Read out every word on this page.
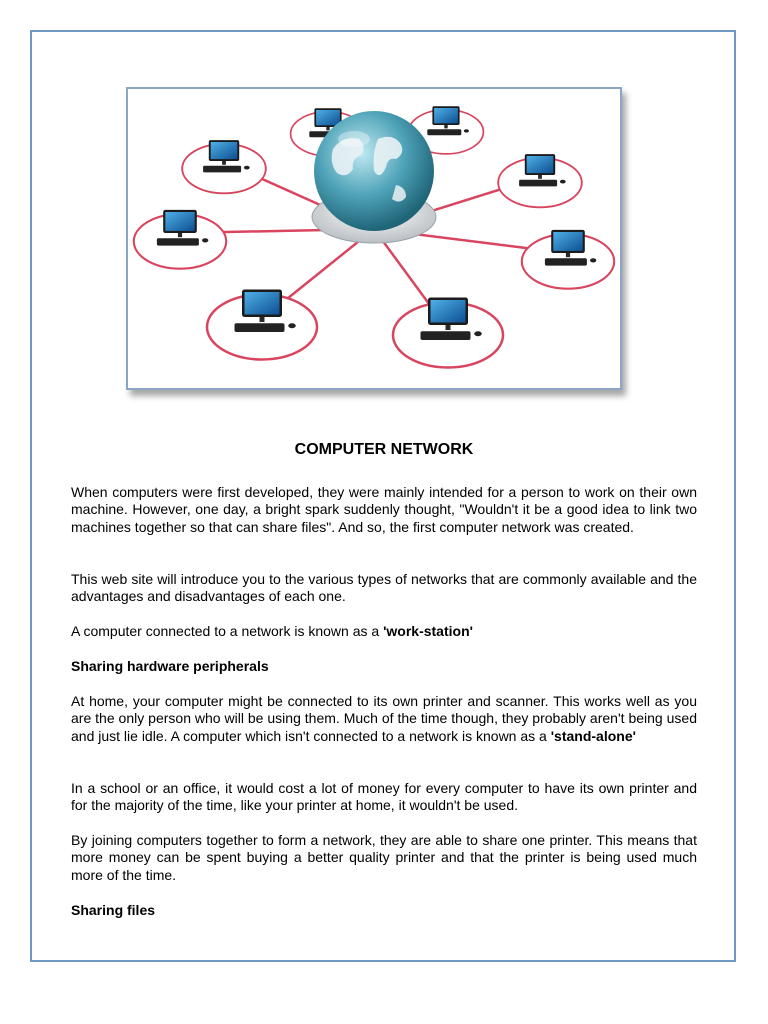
COMPUTER NETWORK

When computers were first developed, they were mainly intended for a person to work on their own machine. However, one day, a bright spark suddenly thought, "Wouldn't it be a good idea to link two machines together so that can share files". And so, the first computer network was created.

This web site will introduce you to the various types of networks that are commonly available and the advantages and disadvantages of each one.

A computer connected to a network is known as a 'work-station'

Sharing hardware peripherals

At home, your computer might be connected to its own printer and scanner. This works well as you are the only person who will be using them. Much of the time though, they probably aren't being used and just lie idle. A computer which isn't connected to a network is known as a 'stand-alone'

In a school or an office, it would cost a lot of money for every computer to have its own printer and for the majority of the time, like your printer at home, it wouldn't be used.

By joining computers together to form a network, they are able to share one printer. This means that more money can be spent buying a better quality printer and that the printer is being used much more of the time.

Sharing files
